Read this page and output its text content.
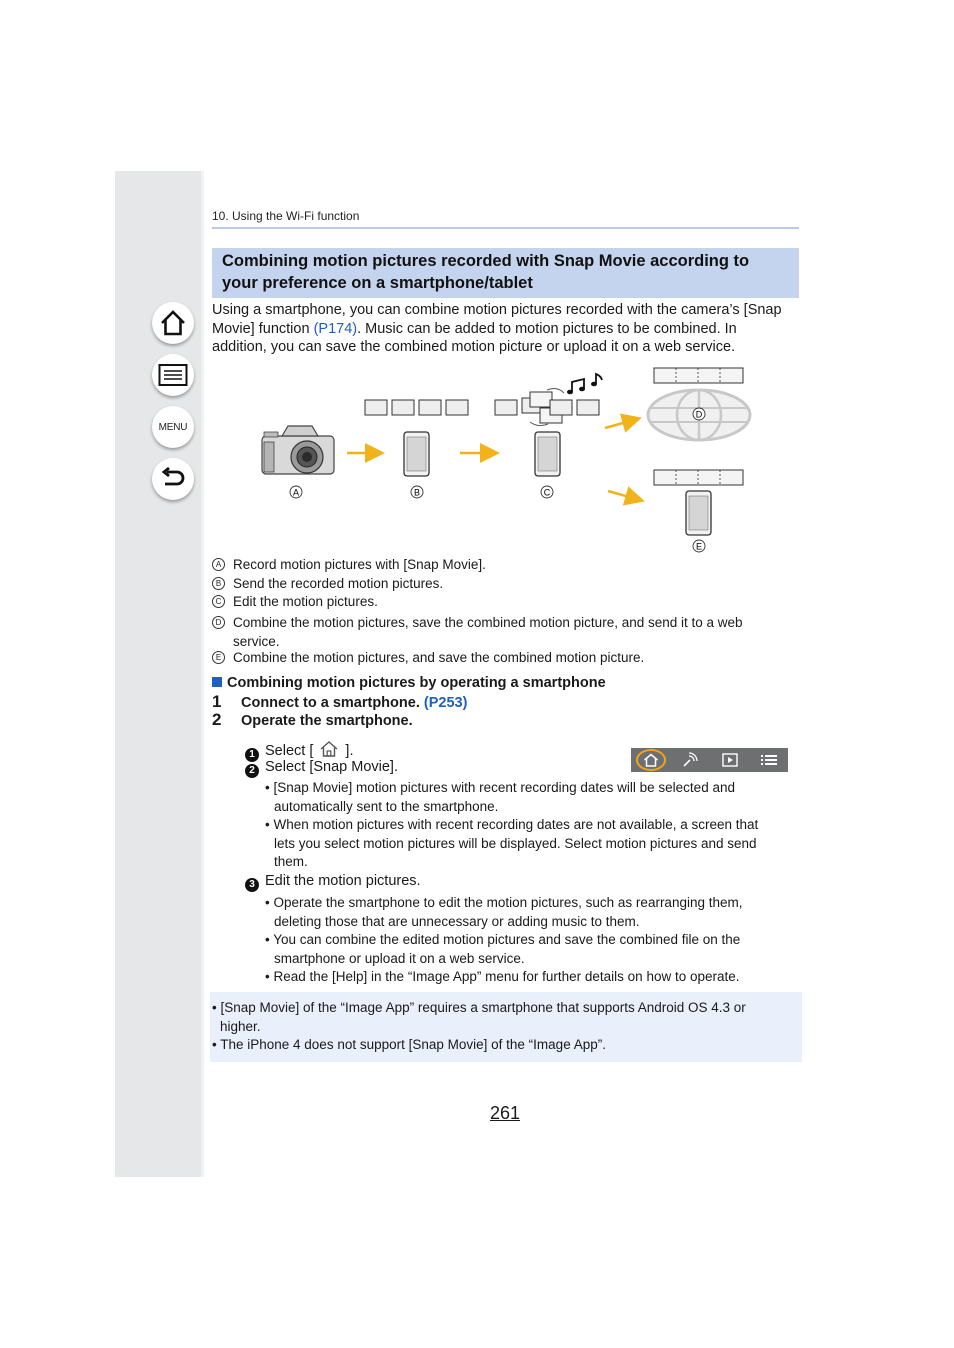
MENU
10. Using the Wi-Fi function
Combining motion pictures recorded with Snap Movie according to
your preference on a smartphone/tablet
Using a smartphone, you can combine motion pictures recorded with the camera’s [Snap
Movie] function (P174). Music can be added to motion pictures to be combined. In
addition, you can save the combined motion picture or upload it on a web service.
A	B	C
D
E
A Record motion pictures with [Snap Movie].
B Send the recorded motion pictures.
C Edit the motion pictures.
D Combine the motion pictures, save the combined motion picture, and send it to a web
service.
E Combine the motion pictures, and save the combined motion picture.
Combining motion pictures by operating a smartphone
1 Connect to a smartphone. (P253)
2 Operate the smartphone.
1 Select [ ].
2 Select [Snap Movie].
• [Snap Movie] motion pictures with recent recording dates will be selected and
automatically sent to the smartphone.
• When motion pictures with recent recording dates are not available, a screen that
lets you select motion pictures will be displayed. Select motion pictures and send
them.
3 Edit the motion pictures.
• Operate the smartphone to edit the motion pictures, such as rearranging them,
deleting those that are unnecessary or adding music to them.
• You can combine the edited motion pictures and save the combined file on the
smartphone or upload it on a web service.
• Read the [Help] in the “Image App” menu for further details on how to operate.
• [Snap Movie] of the “Image App” requires a smartphone that supports Android OS 4.3 or
higher.
• The iPhone 4 does not support [Snap Movie] of the “Image App”.
261
